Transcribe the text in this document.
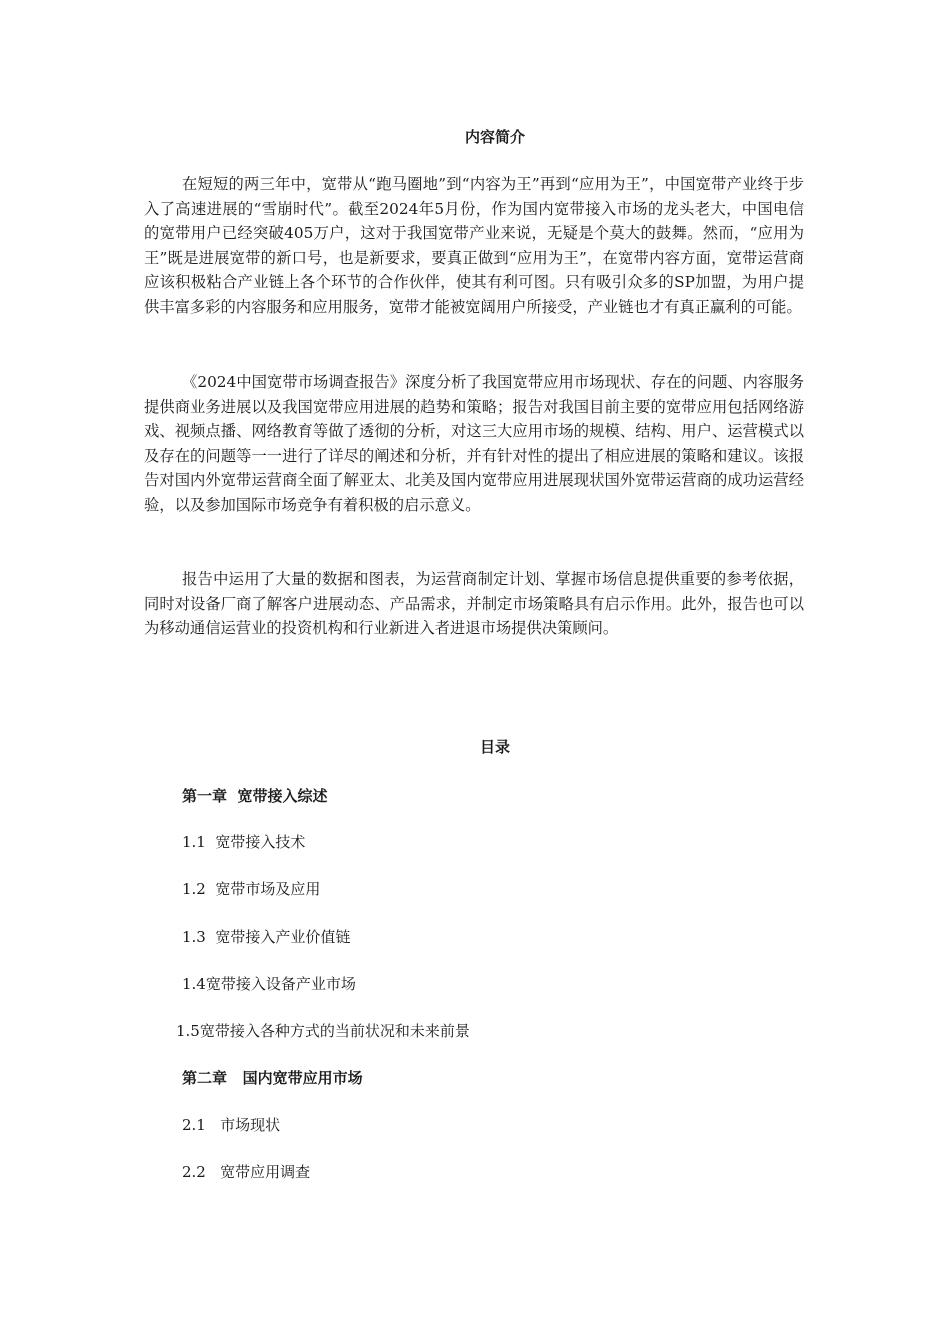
内容简介

在短短的两三年中，宽带从“跑马圈地”到“内容为王”再到“应用为王”，中国宽带产业终于步入了高速进展的“雪崩时代”。截至2024年5月份，作为国内宽带接入市场的龙头老大，中国电信的宽带用户已经突破405万户，这对于我国宽带产业来说，无疑是个莫大的鼓舞。然而，“应用为王”既是进展宽带的新口号，也是新要求，要真正做到“应用为王”，在宽带内容方面，宽带运营商应该积极粘合产业链上各个环节的合作伙伴，使其有利可图。只有吸引众多的SP加盟，为用户提供丰富多彩的内容服务和应用服务，宽带才能被宽阔用户所接受，产业链也才有真正赢利的可能。

《2024中国宽带市场调查报告》深度分析了我国宽带应用市场现状、存在的问题、内容服务提供商业务进展以及我国宽带应用进展的趋势和策略；报告对我国目前主要的宽带应用包括网络游戏、视频点播、网络教育等做了透彻的分析，对这三大应用市场的规模、结构、用户、运营模式以及存在的问题等一一进行了详尽的阐述和分析，并有针对性的提出了相应进展的策略和建议。该报告对国内外宽带运营商全面了解亚太、北美及国内宽带应用进展现状国外宽带运营商的成功运营经验，以及参加国际市场竞争有着积极的启示意义。

报告中运用了大量的数据和图表，为运营商制定计划、掌握市场信息提供重要的参考依据，同时对设备厂商了解客户进展动态、产品需求，并制定市场策略具有启示作用。此外，报告也可以为移动通信运营业的投资机构和行业新进入者进退市场提供决策顾问。

目录
第一章  宽带接入综述
1.1  宽带接入技术
1.2  宽带市场及应用
1.3  宽带接入产业价值链
1.4宽带接入设备产业市场
1.5宽带接入各种方式的当前状况和未来前景
第二章   国内宽带应用市场
2.1   市场现状
2.2   宽带应用调查
